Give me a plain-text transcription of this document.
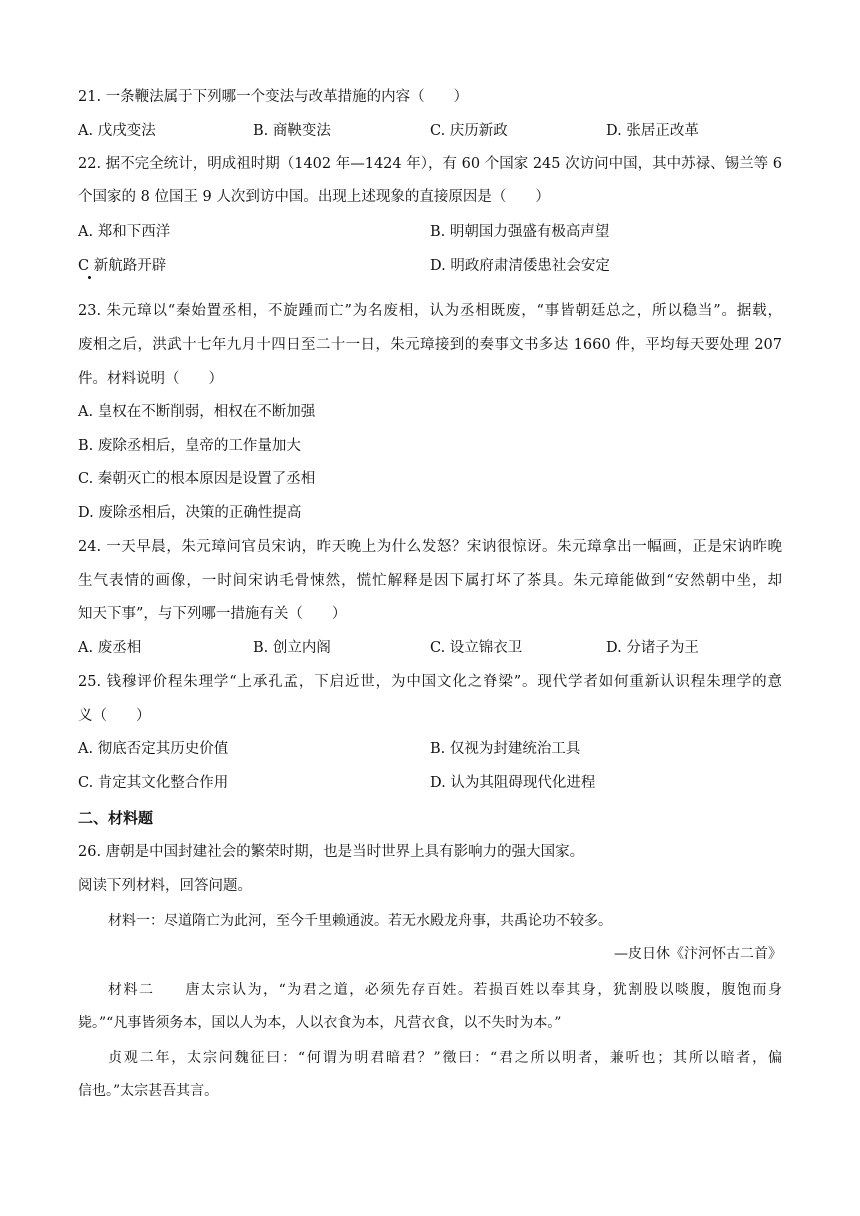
21. 一条鞭法属于下列哪一个变法与改革措施的内容（　　）
A. 戊戌变法	B. 商鞅变法	C. 庆历新政	D. 张居正改革
22. 据不完全统计，明成祖时期（1402 年—1424 年），有 60 个国家 245 次访问中国，其中苏禄、锡兰等 6
个国家的 8 位国王 9 人次到访中国。出现上述现象的直接原因是（　　）
A. 郑和下西洋	B. 明朝国力强盛有极高声望
C 新航路开辟	D. 明政府肃清倭患社会安定
23. 朱元璋以“秦始置丞相，不旋踵而亡”为名废相，认为丞相既废，“事皆朝廷总之，所以稳当”。据载，
废相之后，洪武十七年九月十四日至二十一日，朱元璋接到的奏事文书多达 1660 件，平均每天要处理 207
件。材料说明（　　）
A. 皇权在不断削弱，相权在不断加强
B. 废除丞相后，皇帝的工作量加大
C. 秦朝灭亡的根本原因是设置了丞相
D. 废除丞相后，决策的正确性提高
24. 一天早晨，朱元璋问官员宋讷，昨天晚上为什么发怒？宋讷很惊讶。朱元璋拿出一幅画，正是宋讷昨晚
生气表情的画像，一时间宋讷毛骨悚然，慌忙解释是因下属打坏了茶具。朱元璋能做到“安然朝中坐，却
知天下事”，与下列哪一措施有关（　　）
A. 废丞相	B. 创立内阁	C. 设立锦衣卫	D. 分诸子为王
25. 钱穆评价程朱理学“上承孔孟，下启近世，为中国文化之脊梁”。现代学者如何重新认识程朱理学的意
义（　　）
A. 彻底否定其历史价值	B. 仅视为封建统治工具
C. 肯定其文化整合作用	D. 认为其阻碍现代化进程
二、材料题
26. 唐朝是中国封建社会的繁荣时期，也是当时世界上具有影响力的强大国家。
阅读下列材料，回答问题。
材料一：尽道隋亡为此河，至今千里赖通波。若无水殿龙舟事，共禹论功不较多。
—皮日休《汴河怀古二首》
材料二　　唐太宗认为，“为君之道，必须先存百姓。若损百姓以奉其身，犹割股以啖腹，腹饱而身
毙。”“凡事皆须务本，国以人为本，人以衣食为本，凡营衣食，以不失时为本。”
贞观二年，太宗问魏征曰：“何谓为明君暗君？”徵曰：“君之所以明者，兼听也；其所以暗者，偏
信也。”太宗甚吾其言。
